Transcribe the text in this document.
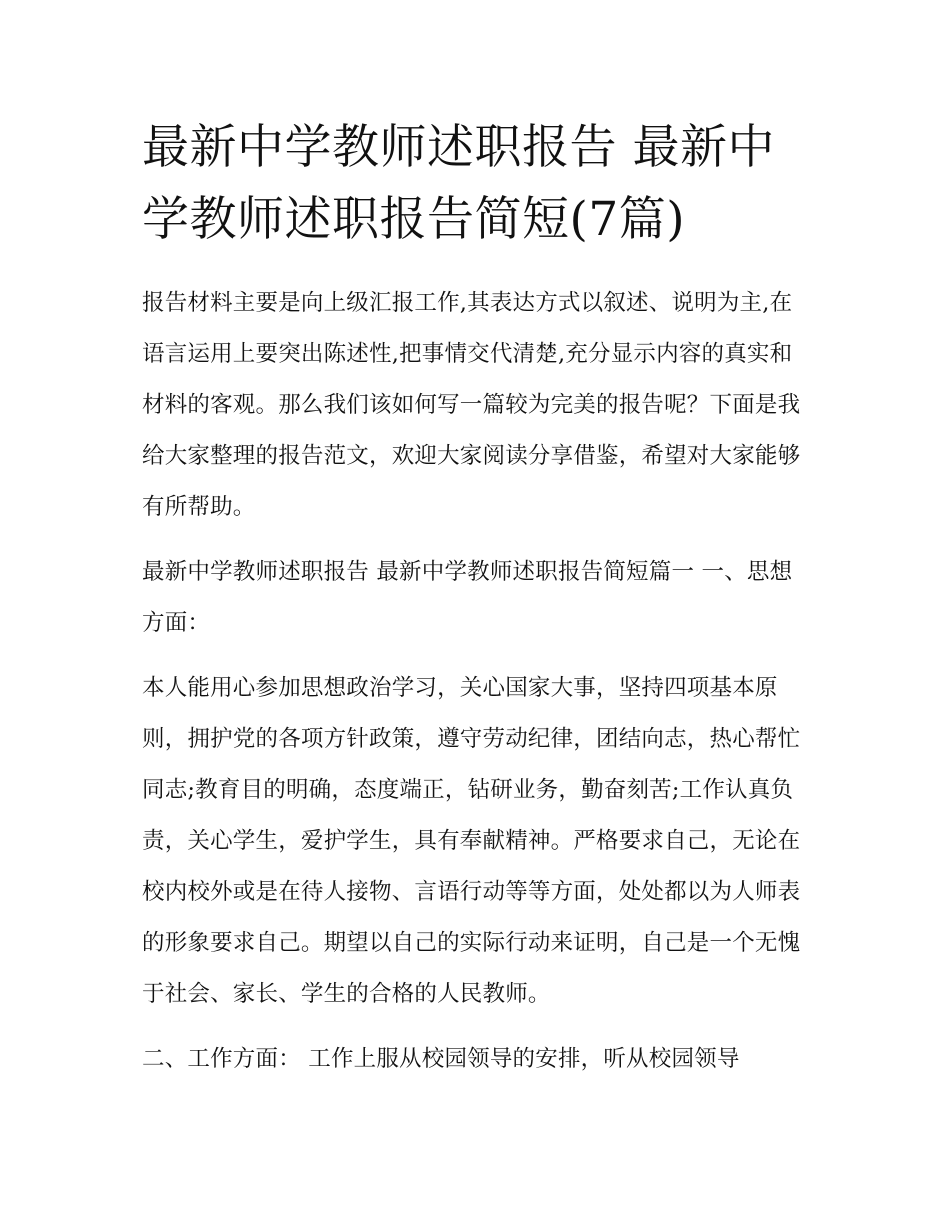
最新中学教师述职报告 最新中学教师述职报告简短(7篇)

报告材料主要是向上级汇报工作,其表达方式以叙述、说明为主,在语言运用上要突出陈述性,把事情交代清楚,充分显示内容的真实和材料的客观。那么我们该如何写一篇较为完美的报告呢？下面是我给大家整理的报告范文，欢迎大家阅读分享借鉴，希望对大家能够有所帮助。

最新中学教师述职报告 最新中学教师述职报告简短篇一 一、思想方面：

本人能用心参加思想政治学习，关心国家大事，坚持四项基本原则，拥护党的各项方针政策，遵守劳动纪律，团结向志，热心帮忙同志;教育目的明确，态度端正，钻研业务，勤奋刻苦;工作认真负责，关心学生，爱护学生，具有奉献精神。严格要求自己，无论在校内校外或是在待人接物、言语行动等等方面，处处都以为人师表的形象要求自己。期望以自己的实际行动来证明，自己是一个无愧于社会、家长、学生的合格的人民教师。

二、工作方面： 工作上服从校园领导的安排，听从校园领导
